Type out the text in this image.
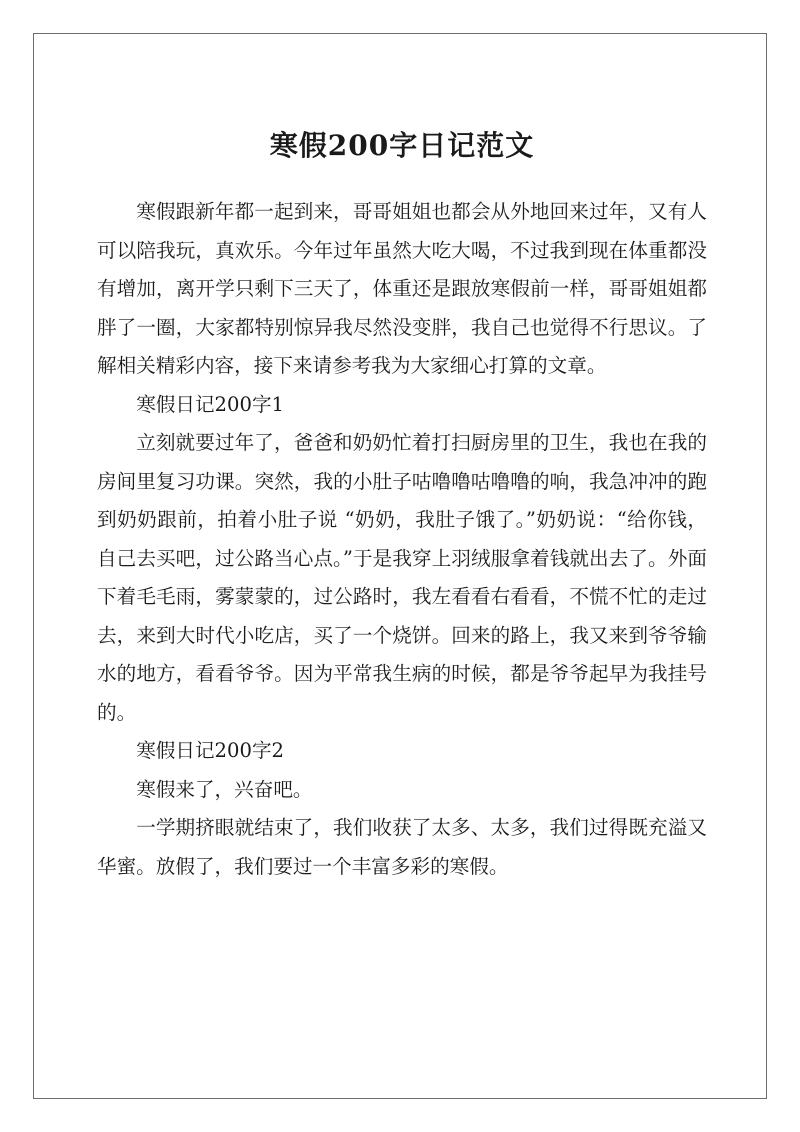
寒假200字日记范文

寒假跟新年都一起到来，哥哥姐姐也都会从外地回来过年，又有人可以陪我玩，真欢乐。今年过年虽然大吃大喝，不过我到现在体重都没有增加，离开学只剩下三天了，体重还是跟放寒假前一样，哥哥姐姐都胖了一圈，大家都特别惊异我尽然没变胖，我自己也觉得不行思议。了解相关精彩内容，接下来请参考我为大家细心打算的文章。

寒假日记200字1

立刻就要过年了，爸爸和奶奶忙着打扫厨房里的卫生，我也在我的房间里复习功课。突然，我的小肚子咕噜噜咕噜噜的响，我急冲冲的跑到奶奶跟前，拍着小肚子说 “奶奶，我肚子饿了。”奶奶说：“给你钱，自己去买吧，过公路当心点。”于是我穿上羽绒服拿着钱就出去了。外面下着毛毛雨，雾蒙蒙的，过公路时，我左看看右看看，不慌不忙的走过去，来到大时代小吃店，买了一个烧饼。回来的路上，我又来到爷爷输水的地方，看看爷爷。因为平常我生病的时候，都是爷爷起早为我挂号的。

寒假日记200字2

寒假来了，兴奋吧。

一学期挤眼就结束了，我们收获了太多、太多，我们过得既充溢又华蜜。放假了，我们要过一个丰富多彩的寒假。
